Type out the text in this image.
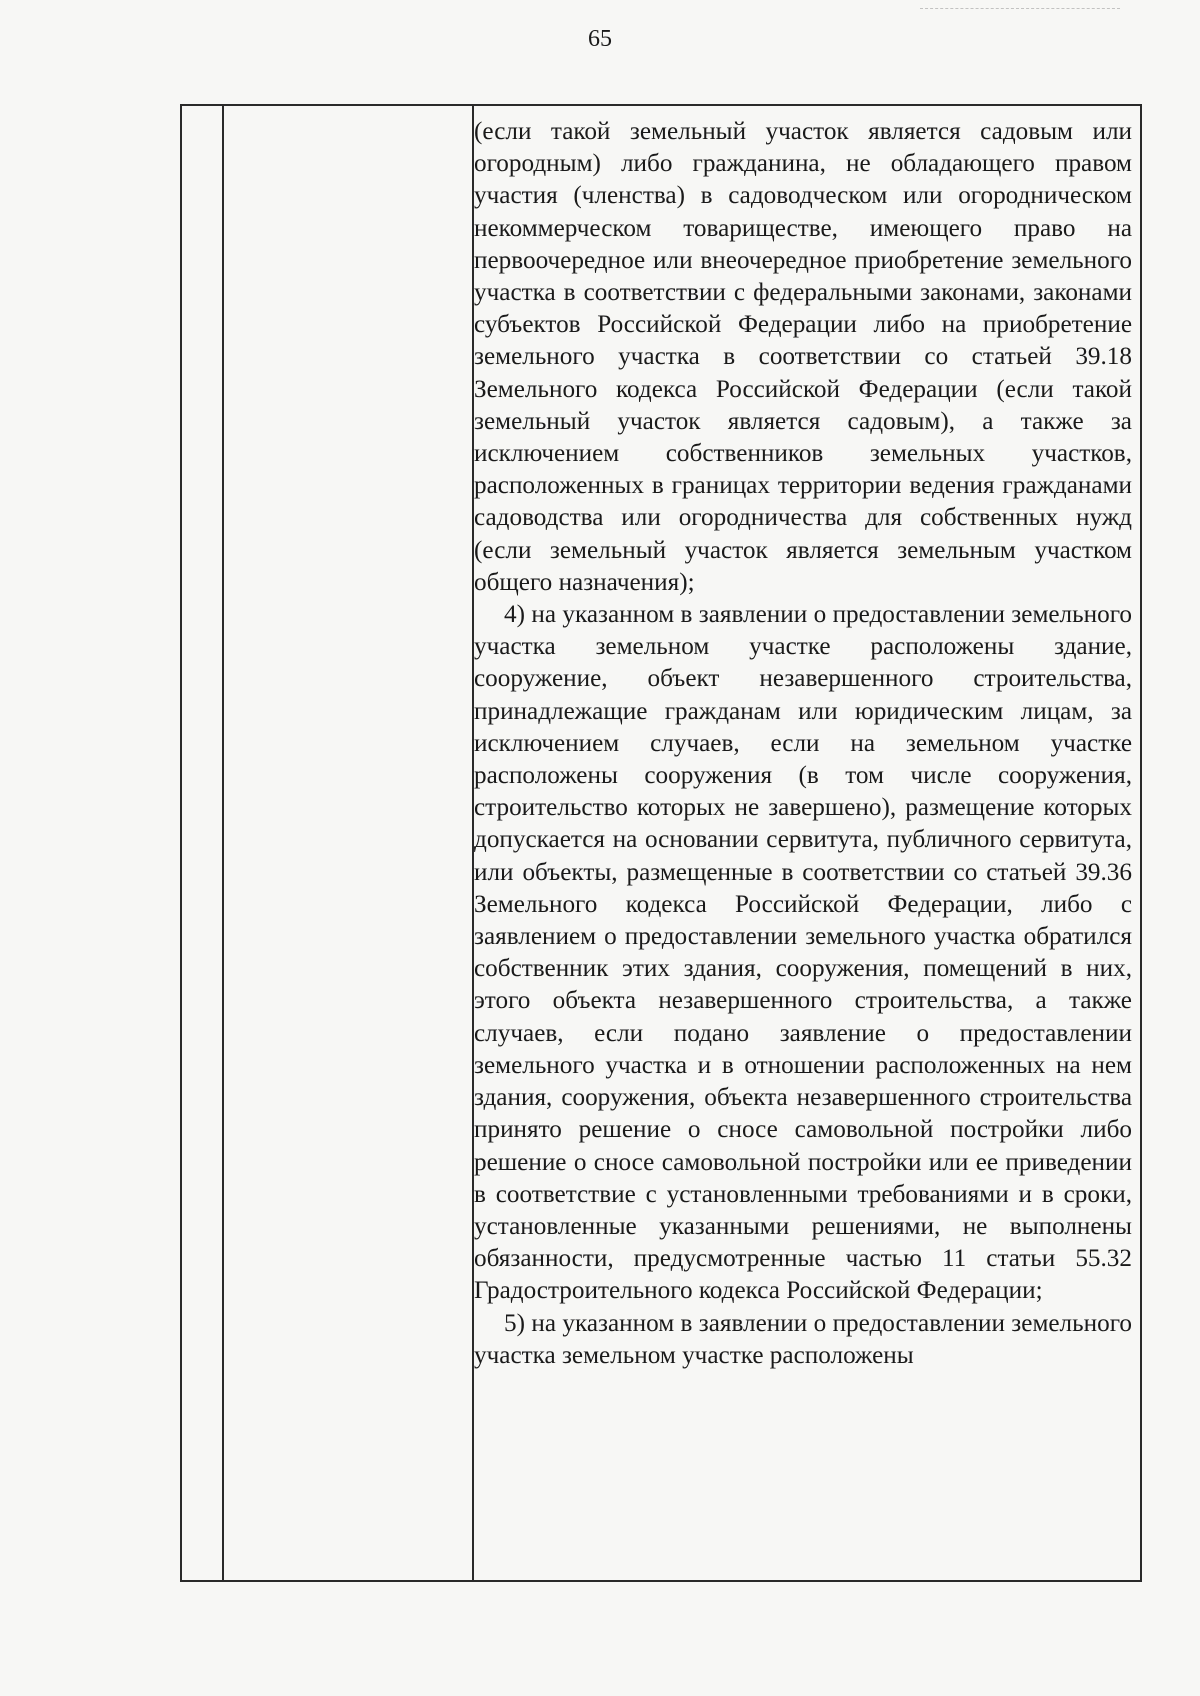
65

(если такой земельный участок является садовым или огородным) либо гражданина, не обладающего правом участия (членства) в садоводческом или огородническом некоммерческом товариществе, имеющего право на первоочередное или внеочередное приобретение земельного участка в соответствии с федеральными законами, законами субъектов Российской Федерации либо на приобретение земельного участка в соответствии со статьей 39.18 Земельного кодекса Российской Федерации (если такой земельный участок является садовым), а также за исключением собственников земельных участков, расположенных в границах территории ведения гражданами садоводства или огородничества для собственных нужд (если земельный участок является земельным участком общего назначения);

4) на указанном в заявлении о предоставлении земельного участка земельном участке расположены здание, сооружение, объект незавершенного строительства, принадлежащие гражданам или юридическим лицам, за исключением случаев, если на земельном участке расположены сооружения (в том числе сооружения, строительство которых не завершено), размещение которых допускается на основании сервитута, публичного сервитута, или объекты, размещенные в соответствии со статьей 39.36 Земельного кодекса Российской Федерации, либо с заявлением о предоставлении земельного участка обратился собственник этих здания, сооружения, помещений в них, этого объекта незавершенного строительства, а также случаев, если подано заявление о предоставлении земельного участка и в отношении расположенных на нем здания, сооружения, объекта незавершенного строительства принято решение о сносе самовольной постройки либо решение о сносе самовольной постройки или ее приведении в соответствие с установленными требованиями и в сроки, установленные указанными решениями, не выполнены обязанности, предусмотренные частью 11 статьи 55.32 Градостроительного кодекса Российской Федерации;

5) на указанном в заявлении о предоставлении земельного участка земельном участке расположены
